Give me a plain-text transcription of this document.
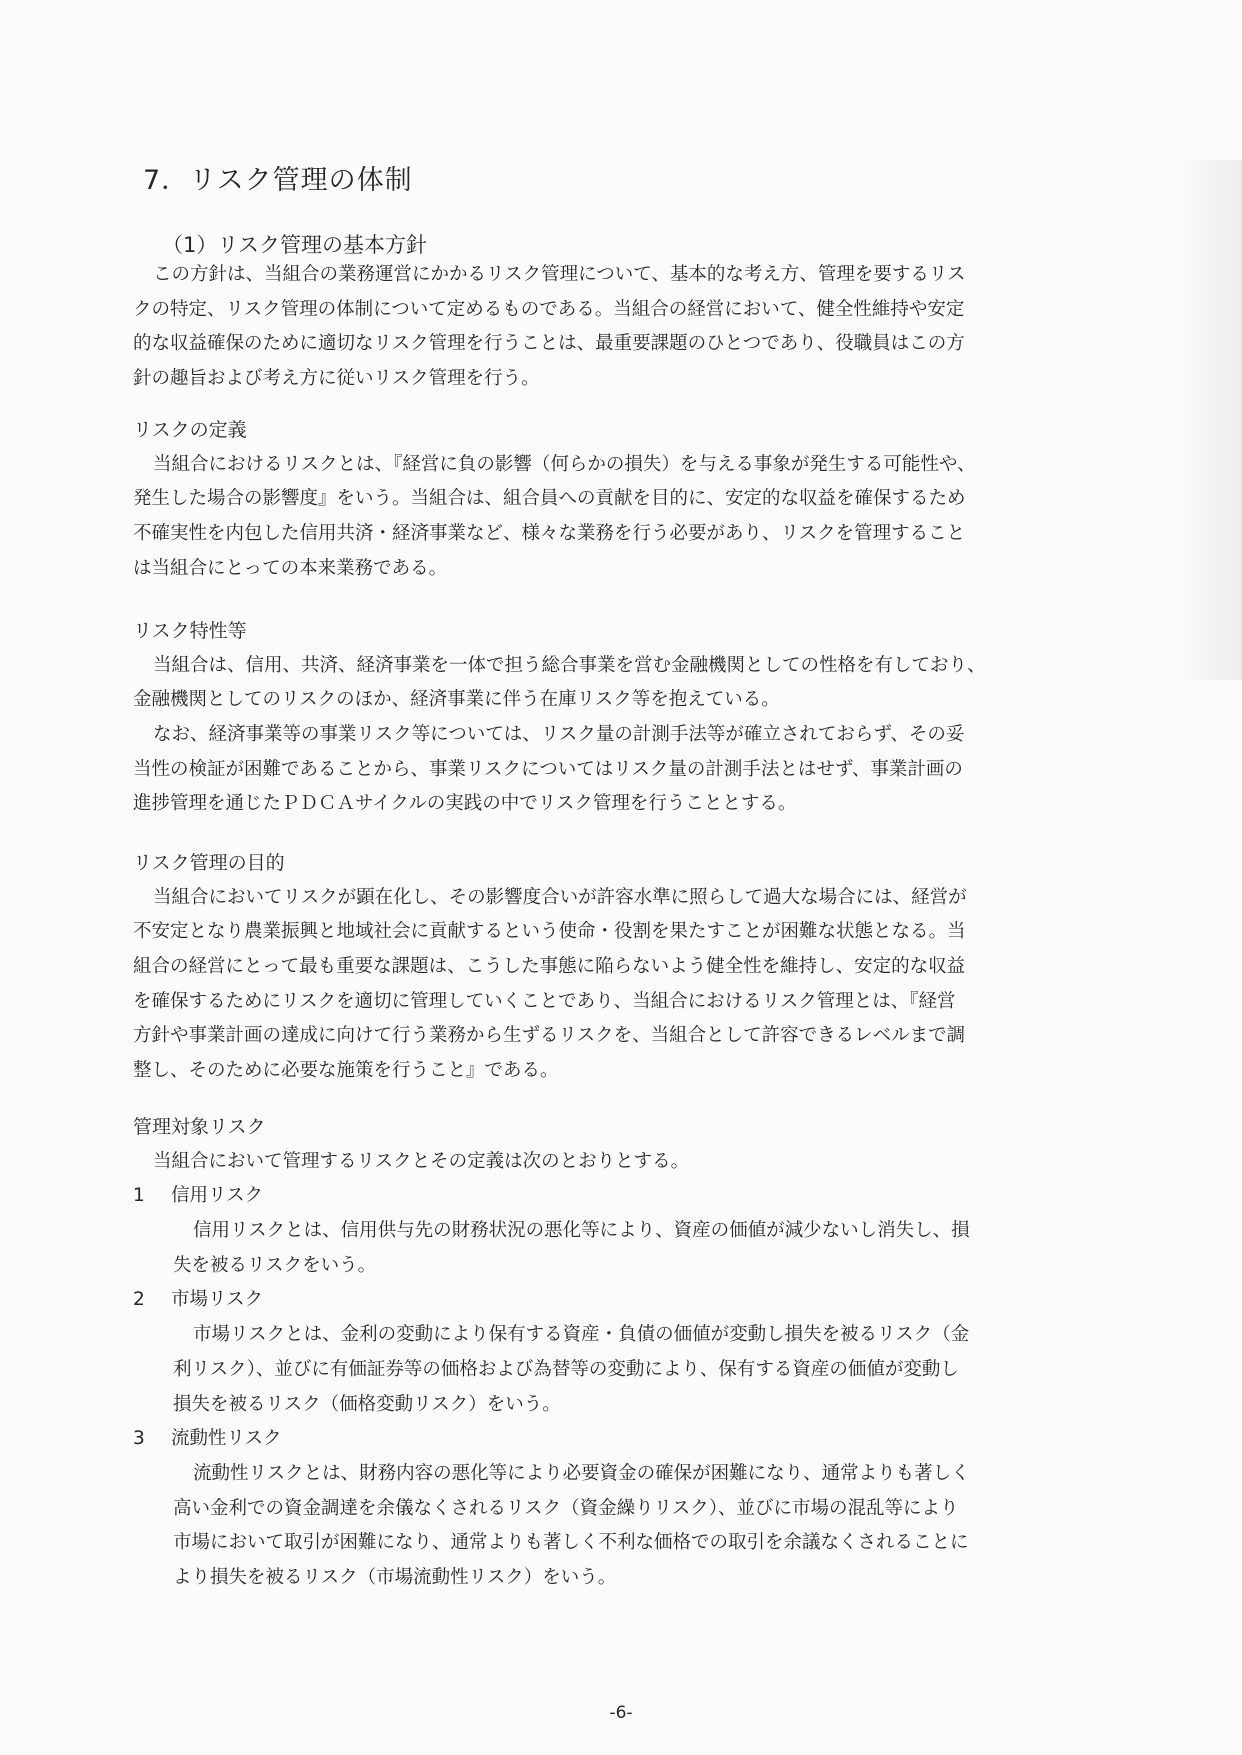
7．リスク管理の体制
（1）リスク管理の基本方針
この方針は、当組合の業務運営にかかるリスク管理について、基本的な考え方、管理を要するリス
クの特定、リスク管理の体制について定めるものである。当組合の経営において、健全性維持や安定
的な収益確保のために適切なリスク管理を行うことは、最重要課題のひとつであり、役職員はこの方
針の趣旨および考え方に従いリスク管理を行う。
リスクの定義
当組合におけるリスクとは、『経営に負の影響（何らかの損失）を与える事象が発生する可能性や、
発生した場合の影響度』をいう。当組合は、組合員への貢献を目的に、安定的な収益を確保するため
不確実性を内包した信用共済・経済事業など、様々な業務を行う必要があり、リスクを管理すること
は当組合にとっての本来業務である。
リスク特性等
当組合は、信用、共済、経済事業を一体で担う総合事業を営む金融機関としての性格を有しており、
金融機関としてのリスクのほか、経済事業に伴う在庫リスク等を抱えている。
なお、経済事業等の事業リスク等については、リスク量の計測手法等が確立されておらず、その妥
当性の検証が困難であることから、事業リスクについてはリスク量の計測手法とはせず、事業計画の
進捗管理を通じたＰＤＣＡサイクルの実践の中でリスク管理を行うこととする。
リスク管理の目的
当組合においてリスクが顕在化し、その影響度合いが許容水準に照らして過大な場合には、経営が
不安定となり農業振興と地域社会に貢献するという使命・役割を果たすことが困難な状態となる。当
組合の経営にとって最も重要な課題は、こうした事態に陥らないよう健全性を維持し、安定的な収益
を確保するためにリスクを適切に管理していくことであり、当組合におけるリスク管理とは、『経営
方針や事業計画の達成に向けて行う業務から生ずるリスクを、当組合として許容できるレベルまで調
整し、そのために必要な施策を行うこと』である。
管理対象リスク
当組合において管理するリスクとその定義は次のとおりとする。
1 信用リスク
信用リスクとは、信用供与先の財務状況の悪化等により、資産の価値が減少ないし消失し、損
失を被るリスクをいう。
2 市場リスク
市場リスクとは、金利の変動により保有する資産・負債の価値が変動し損失を被るリスク（金
利リスク）、並びに有価証券等の価格および為替等の変動により、保有する資産の価値が変動し
損失を被るリスク（価格変動リスク）をいう。
3 流動性リスク
流動性リスクとは、財務内容の悪化等により必要資金の確保が困難になり、通常よりも著しく
高い金利での資金調達を余儀なくされるリスク（資金繰りリスク）、並びに市場の混乱等により
市場において取引が困難になり、通常よりも著しく不利な価格での取引を余議なくされることに
より損失を被るリスク（市場流動性リスク）をいう。
-6-
